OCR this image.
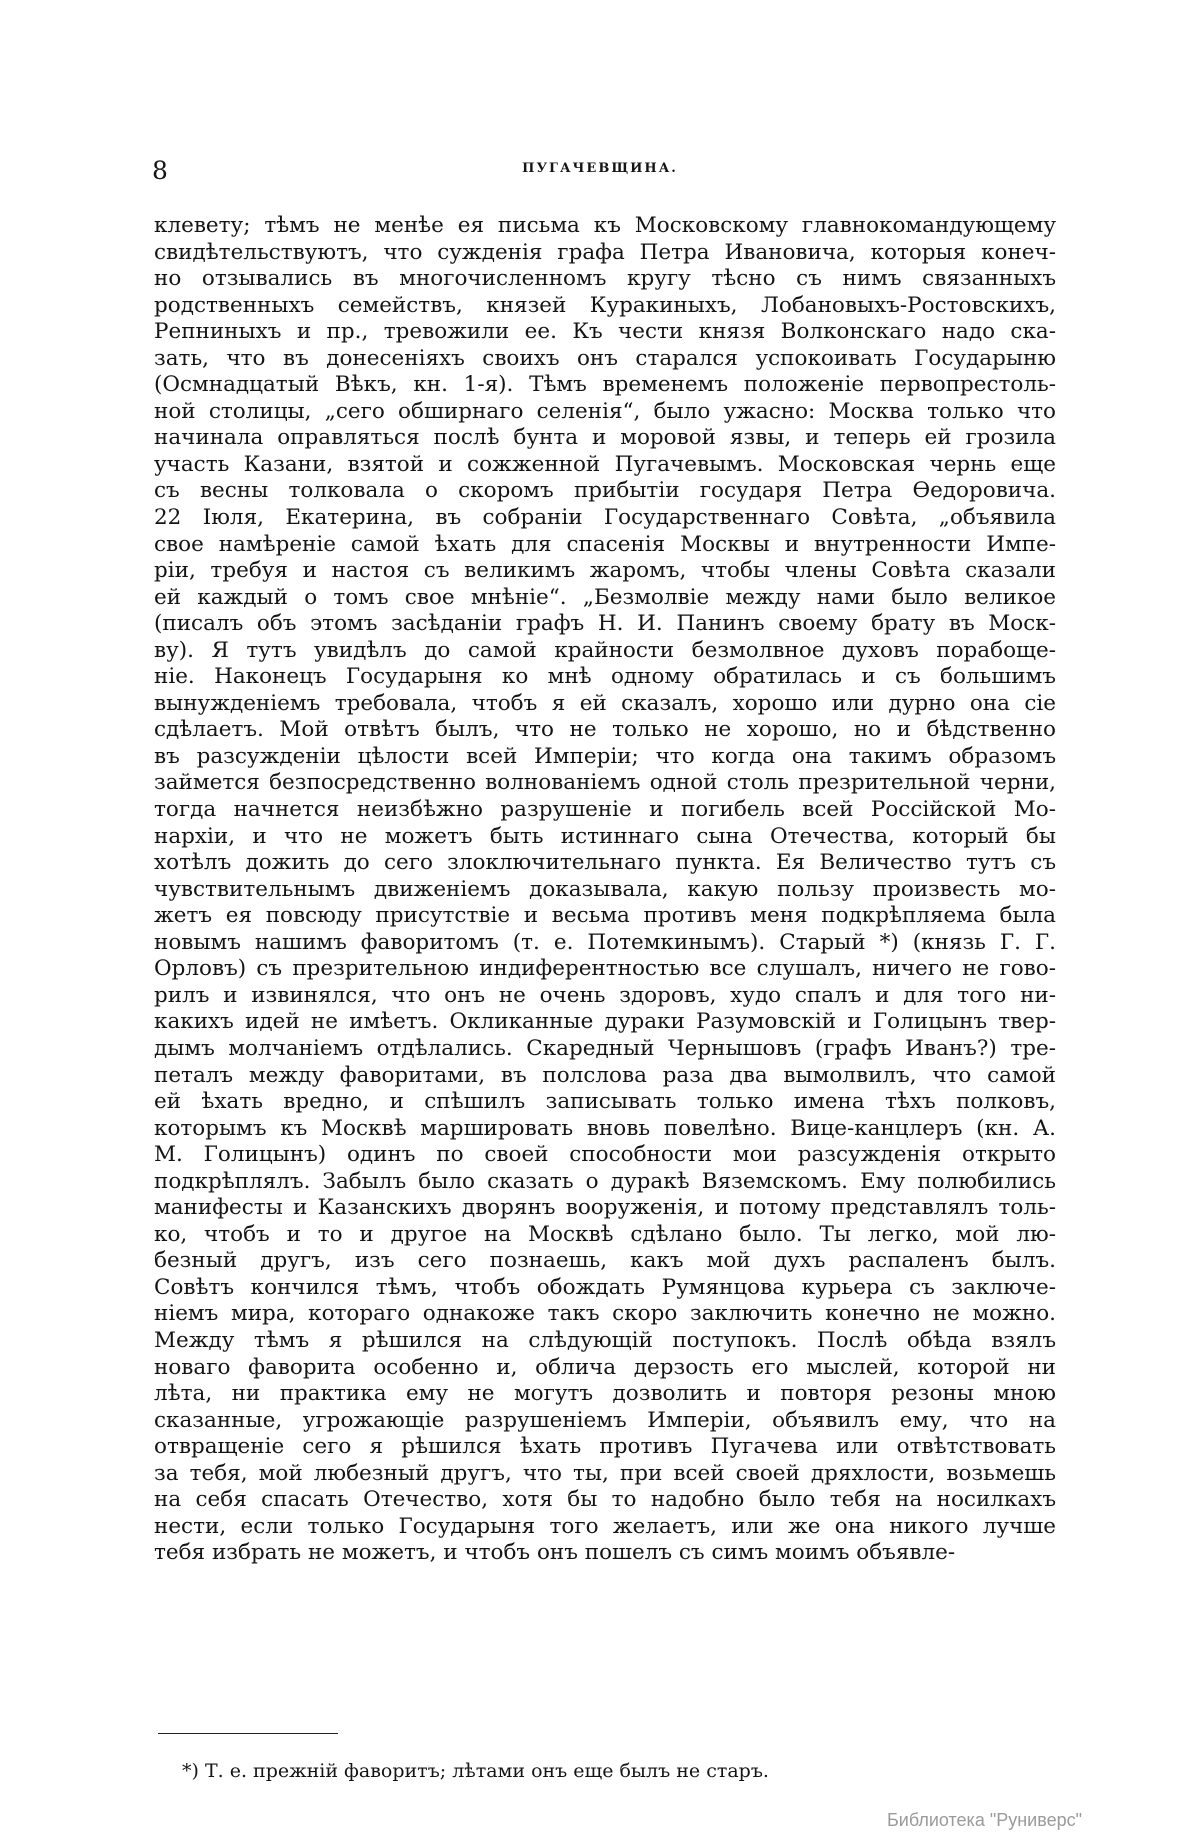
8	ПУГАЧЕВЩИНА.
клевету; тѣмъ не менѣе ея письма къ Московскому главнокомандующему
свидѣтельствуютъ, что сужденія графа Петра Ивановича, которыя конеч-
но отзывались въ многочисленномъ кругу тѣсно съ нимъ связанныхъ
родственныхъ семействъ, князей Куракиныхъ, Лобановыхъ-Ростовскихъ,
Репниныхъ и пр., тревожили ее. Къ чести князя Волконскаго надо ска-
зать, что въ донесеніяхъ своихъ онъ старался успокоивать Государыню
(Осмнадцатый Вѣкъ, кн. 1-я). Тѣмъ временемъ положеніе первопрестоль-
ной столицы, „сего обширнаго селенія“, было ужасно: Москва только что
начинала оправляться послѣ бунта и моровой язвы, и теперь ей грозила
участь Казани, взятой и сожженной Пугачевымъ. Московская чернь еще
съ весны толковала о скоромъ прибытіи государя Петра Ѳедоровича.
22 Іюля, Екатерина, въ собраніи Государственнаго Совѣта, „объявила
свое намѣреніе самой ѣхать для спасенія Москвы и внутренности Импе-
ріи, требуя и настоя съ великимъ жаромъ, чтобы члены Совѣта сказали
ей каждый о томъ свое мнѣніе“. „Безмолвіе между нами было великое
(писалъ объ этомъ засѣданіи графъ Н. И. Панинъ своему брату въ Моск-
ву). Я тутъ увидѣлъ до самой крайности безмолвное духовъ порабоще-
ніе. Наконецъ Государыня ко мнѣ одному обратилась и съ большимъ
вынужденіемъ требовала, чтобъ я ей сказалъ, хорошо или дурно она сіе
сдѣлаетъ. Мой отвѣтъ былъ, что не только не хорошо, но и бѣдственно
въ разсужденіи цѣлости всей Имперіи; что когда она такимъ образомъ
займется безпосредственно волнованіемъ одной столь презрительной черни,
тогда начнется неизбѣжно разрушеніе и погибель всей Россійской Мо-
нархіи, и что не можетъ быть истиннаго сына Отечества, который бы
хотѣлъ дожить до сего злоключительнаго пункта. Ея Величество тутъ съ
чувствительнымъ движеніемъ доказывала, какую пользу произвесть мо-
жетъ ея повсюду присутствіе и весьма противъ меня подкрѣпляема была
новымъ нашимъ фаворитомъ (т. е. Потемкинымъ). Старый *) (князь Г. Г.
Орловъ) съ презрительною индиферентностью все слушалъ, ничего не гово-
рилъ и извинялся, что онъ не очень здоровъ, худо спалъ и для того ни-
какихъ идей не имѣетъ. Окликанные дураки Разумовскій и Голицынъ твер-
дымъ молчаніемъ отдѣлались. Скаредный Чернышовъ (графъ Иванъ?) тре-
петалъ между фаворитами, въ полслова раза два вымолвилъ, что самой
ей ѣхать вредно, и спѣшилъ записывать только имена тѣхъ полковъ,
которымъ къ Москвѣ маршировать вновь повелѣно. Вице-канцлеръ (кн. А.
М. Голицынъ) одинъ по своей способности мои разсужденія открыто
подкрѣплялъ. Забылъ было сказать о дуракѣ Вяземскомъ. Ему полюбились
манифесты и Казанскихъ дворянъ вооруженія, и потому представлялъ толь-
ко, чтобъ и то и другое на Москвѣ сдѣлано было. Ты легко, мой лю-
безный другъ, изъ сего познаешь, какъ мой духъ распаленъ былъ.
Совѣтъ кончился тѣмъ, чтобъ обождать Румянцова курьера съ заключе-
ніемъ мира, котораго однакоже такъ скоро заключить конечно не можно.
Между тѣмъ я рѣшился на слѣдующій поступокъ. Послѣ обѣда взялъ
новаго фаворита особенно и, облича дерзость его мыслей, которой ни
лѣта, ни практика ему не могутъ дозволить и повторя резоны мною
сказанные, угрожающіе разрушеніемъ Имперіи, объявилъ ему, что на
отвращеніе сего я рѣшился ѣхать противъ Пугачева или отвѣтствовать
за тебя, мой любезный другъ, что ты, при всей своей дряхлости, возьмешь
на себя спасать Отечество, хотя бы то надобно было тебя на носилкахъ
нести, если только Государыня того желаетъ, или же она никого лучше
тебя избрать не можетъ, и чтобъ онъ пошелъ съ симъ моимъ объявле-
*) Т. е. прежній фаворитъ; лѣтами онъ еще былъ не старъ.
Библиотека "Руниверс"
